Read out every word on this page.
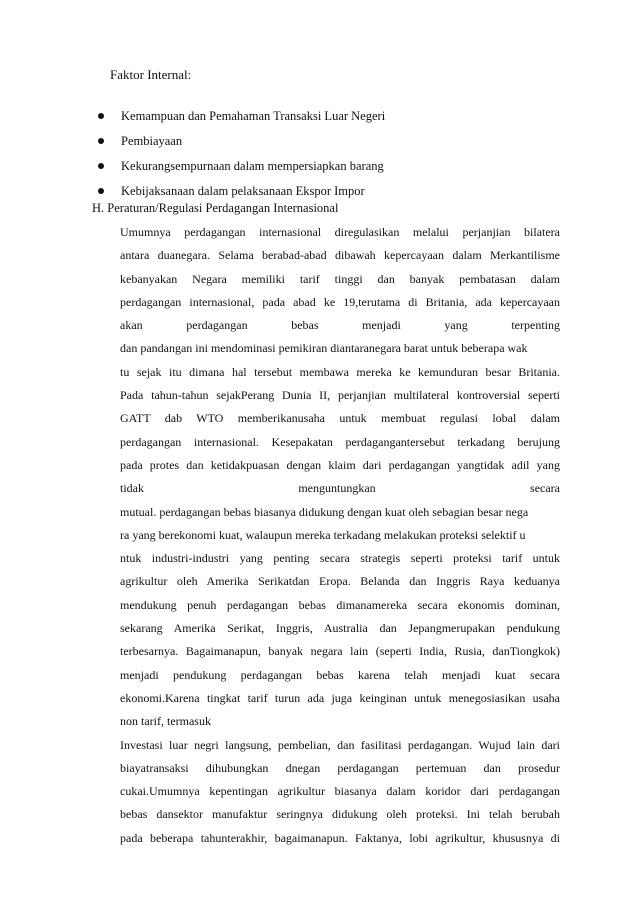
Faktor Internal:
Kemampuan dan Pemahaman Transaksi Luar Negeri
Pembiayaan
Kekurangsempurnaan dalam mempersiapkan barang
Kebijaksanaan dalam pelaksanaan Ekspor Impor
H. Peraturan/Regulasi Perdagangan Internasional
Umumnya perdagangan internasional diregulasikan melalui perjanjian bilatera
antara duanegara. Selama berabad-abad dibawah kepercayaan dalam Merkantilisme
kebanyakan Negara memiliki tarif tinggi dan banyak pembatasan dalam
perdagangan internasional, pada abad ke 19,terutama di Britania, ada kepercayaan
akan perdagangan bebas menjadi yang terpenting
dan pandangan ini mendominasi pemikiran diantaranegara barat untuk beberapa wak
tu sejak itu dimana hal tersebut membawa mereka ke kemunduran besar Britania.
Pada tahun-tahun sejakPerang Dunia II, perjanjian multilateral kontroversial seperti
GATT dab WTO memberikanusaha untuk membuat regulasi lobal dalam
perdagangan internasional. Kesepakatan perdagangantersebut terkadang berujung
pada protes dan ketidakpuasan dengan klaim dari perdagangan yangtidak adil yang
tidak menguntungkan secara
mutual. perdagangan bebas biasanya didukung dengan kuat oleh sebagian besar nega
ra yang berekonomi kuat, walaupun mereka terkadang melakukan proteksi selektif u
ntuk industri-industri yang penting secara strategis seperti proteksi tarif untuk
agrikultur oleh Amerika Serikatdan Eropa. Belanda dan Inggris Raya keduanya
mendukung penuh perdagangan bebas dimanamereka secara ekonomis dominan,
sekarang Amerika Serikat, Inggris, Australia dan Jepangmerupakan pendukung
terbesarnya. Bagaimanapun, banyak negara lain (seperti India, Rusia, danTiongkok)
menjadi pendukung perdagangan bebas karena telah menjadi kuat secara
ekonomi.Karena tingkat tarif turun ada juga keinginan untuk menegosiasikan usaha
non tarif, termasuk
Investasi luar negri langsung, pembelian, dan fasilitasi perdagangan. Wujud lain dari
biayatransaksi dihubungkan dnegan perdagangan pertemuan dan prosedur
cukai.Umumnya kepentingan agrikultur biasanya dalam koridor dari perdagangan
bebas dansektor manufaktur seringnya didukung oleh proteksi. Ini telah berubah
pada beberapa tahunterakhir, bagaimanapun. Faktanya, lobi agrikultur, khususnya di
